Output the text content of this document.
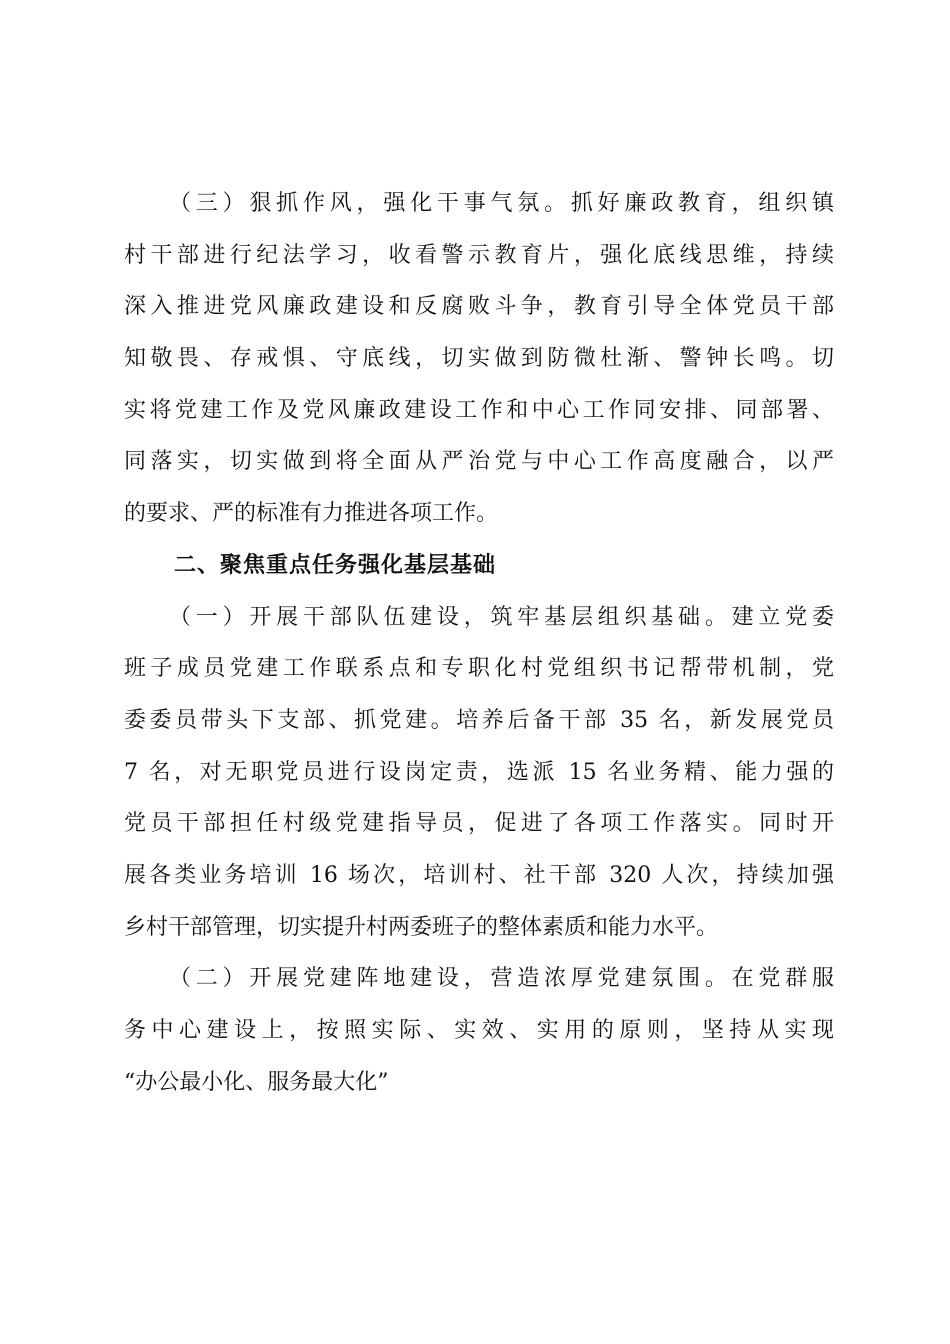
（三）狠抓作风，强化干事气氛。抓好廉政教育，组织镇
村干部进行纪法学习，收看警示教育片，强化底线思维，持续
深入推进党风廉政建设和反腐败斗争，教育引导全体党员干部
知敬畏、存戒惧、守底线，切实做到防微杜渐、警钟长鸣。切
实将党建工作及党风廉政建设工作和中心工作同安排、同部署、
同落实，切实做到将全面从严治党与中心工作高度融合，以严
的要求、严的标准有力推进各项工作。
二、聚焦重点任务强化基层基础
（一）开展干部队伍建设，筑牢基层组织基础。建立党委
班子成员党建工作联系点和专职化村党组织书记帮带机制，党
委委员带头下支部、抓党建。培养后备干部 35 名，新发展党员
7 名，对无职党员进行设岗定责，选派 15 名业务精、能力强的
党员干部担任村级党建指导员，促进了各项工作落实。同时开
展各类业务培训 16 场次，培训村、社干部 320 人次，持续加强
乡村干部管理，切实提升村两委班子的整体素质和能力水平。
（二）开展党建阵地建设，营造浓厚党建氛围。在党群服
务中心建设上，按照实际、实效、实用的原则，坚持从实现
“办公最小化、服务最大化”
